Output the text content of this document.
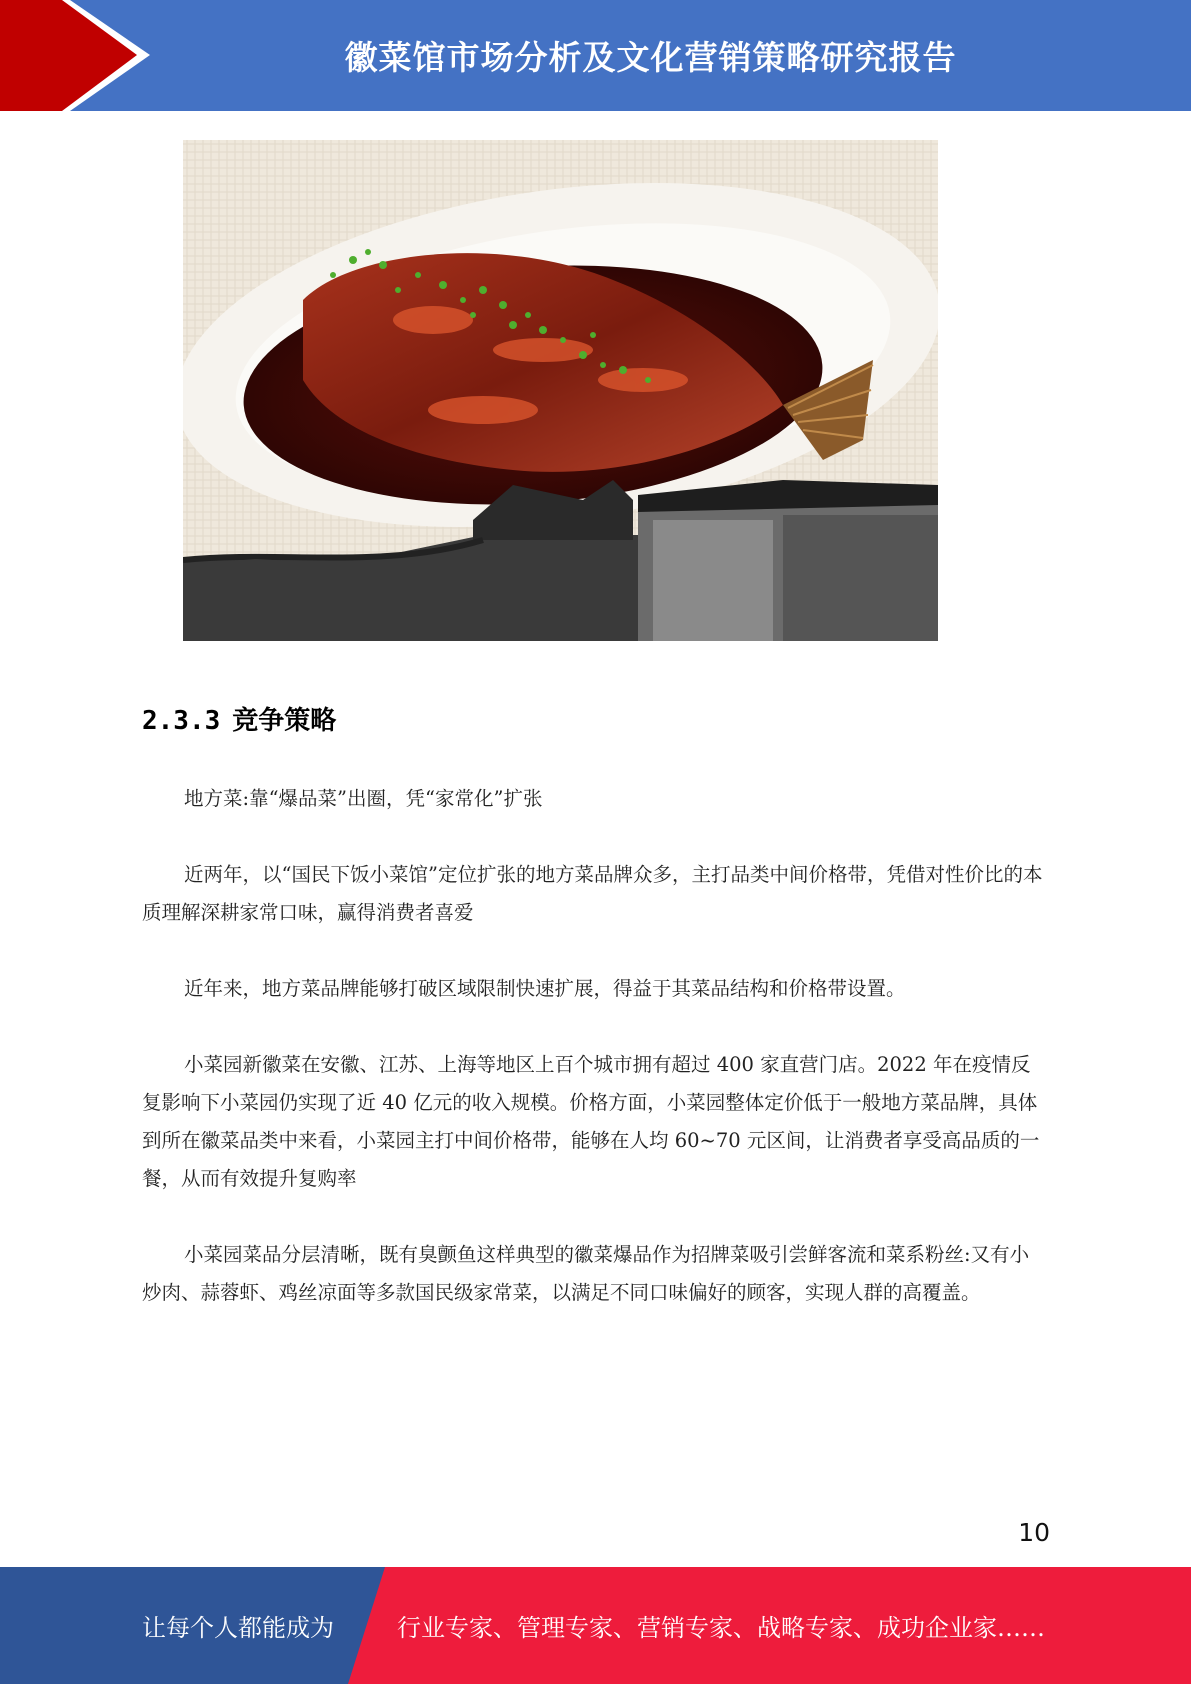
徽菜馆市场分析及文化营销策略研究报告
2.3.3 竞争策略

地方菜:靠“爆品菜”出圈，凭“家常化”扩张

近两年，以“国民下饭小菜馆”定位扩张的地方菜品牌众多，主打品类中间价格带，凭借对性价比的本质理解深耕家常口味，赢得消费者喜爱

近年来，地方菜品牌能够打破区域限制快速扩展，得益于其菜品结构和价格带设置。

小菜园新徽菜在安徽、江苏、上海等地区上百个城市拥有超过 400 家直营门店。2022 年在疫情反复影响下小菜园仍实现了近 40 亿元的收入规模。价格方面，小菜园整体定价低于一般地方菜品牌，具体到所在徽菜品类中来看，小菜园主打中间价格带，能够在人均 60~70 元区间，让消费者享受高品质的一餐，从而有效提升复购率

小菜园菜品分层清晰，既有臭颤鱼这样典型的徽菜爆品作为招牌菜吸引尝鲜客流和菜系粉丝:又有小炒肉、蒜蓉虾、鸡丝凉面等多款国民级家常菜，以满足不同口味偏好的顾客，实现人群的高覆盖。

10
让每个人都能成为	行业专家、管理专家、营销专家、战略专家、成功企业家……
